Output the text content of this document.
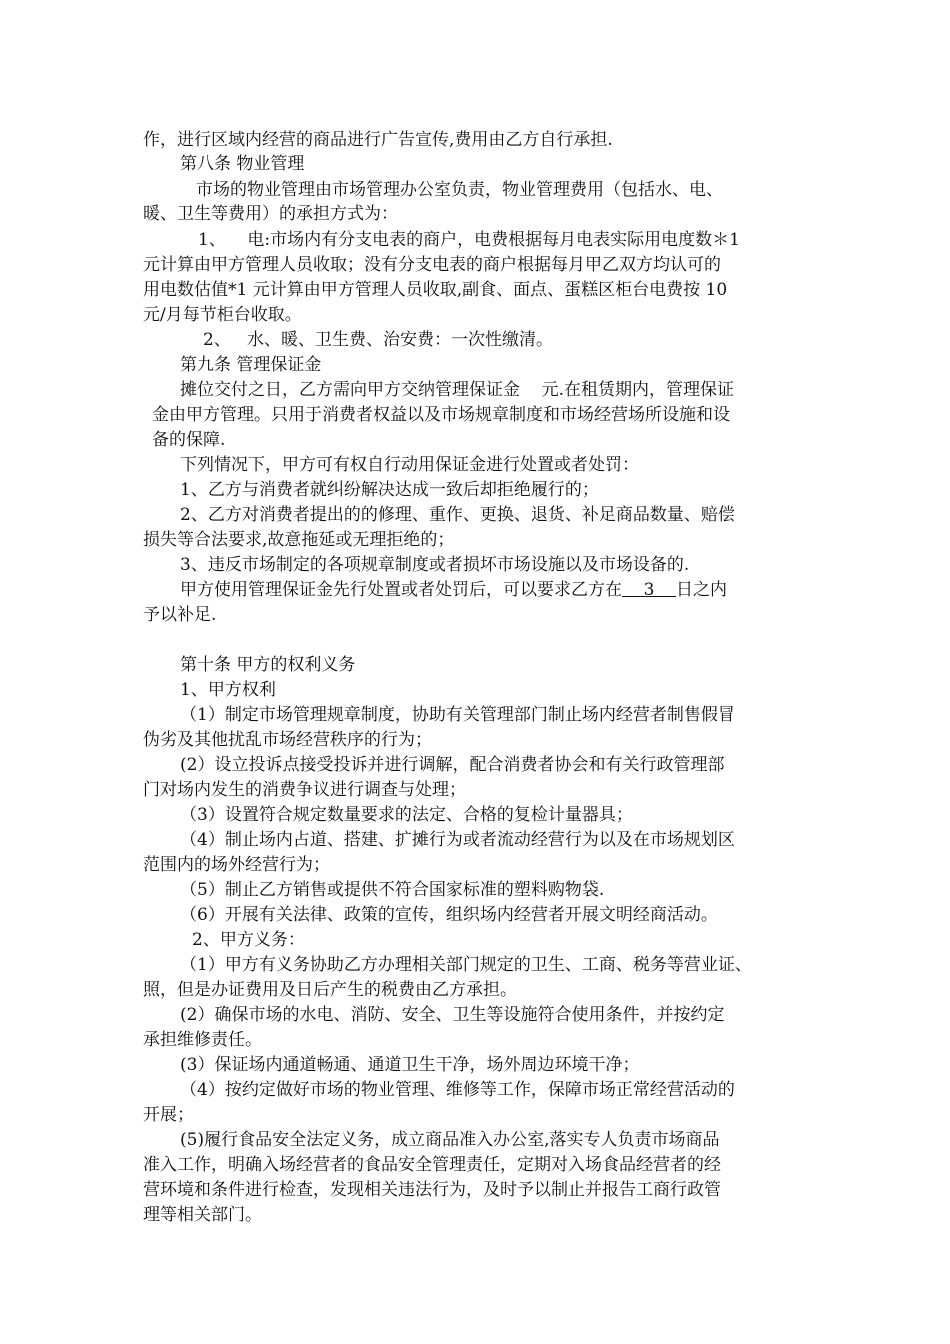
作，进行区域内经营的商品进行广告宣传,费用由乙方自行承担.
第八条 物业管理
市场的物业管理由市场管理办公室负责，物业管理费用（包括水、电、
暖、卫生等费用）的承担方式为：
1、    电:市场内有分支电表的商户，电费根据每月电表实际用电度数＊1
元计算由甲方管理人员收取；没有分支电表的商户根据每月甲乙双方均认可的
用电数估值*1 元计算由甲方管理人员收取,副食、面点、蛋糕区柜台电费按 10
元/月每节柜台收取。
2、   水、暖、卫生费、治安费：一次性缴清。
第九条 管理保证金
摊位交付之日，乙方需向甲方交纳管理保证金    元.在租赁期内，管理保证
金由甲方管理。只用于消费者权益以及市场规章制度和市场经营场所设施和设
备的保障.
下列情况下，甲方可有权自行动用保证金进行处置或者处罚：
1、乙方与消费者就纠纷解决达成一致后却拒绝履行的；
2、乙方对消费者提出的的修理、重作、更换、退货、补足商品数量、赔偿
损失等合法要求,故意拖延或无理拒绝的；
3、违反市场制定的各项规章制度或者损坏市场设施以及市场设备的.
甲方使用管理保证金先行处置或者处罚后，可以要求乙方在    3    日之内
予以补足.
第十条 甲方的权利义务
1、甲方权利
（1）制定市场管理规章制度，协助有关管理部门制止场内经营者制售假冒
伪劣及其他扰乱市场经营秩序的行为；
(2）设立投诉点接受投诉并进行调解，配合消费者协会和有关行政管理部
门对场内发生的消费争议进行调查与处理；
（3）设置符合规定数量要求的法定、合格的复检计量器具；
（4）制止场内占道、搭建、扩摊行为或者流动经营行为以及在市场规划区
范围内的场外经营行为；
（5）制止乙方销售或提供不符合国家标准的塑料购物袋.
（6）开展有关法律、政策的宣传，组织场内经营者开展文明经商活动。
2、甲方义务：
（1）甲方有义务协助乙方办理相关部门规定的卫生、工商、税务等营业证、
照，但是办证费用及日后产生的税费由乙方承担。
(2）确保市场的水电、消防、安全、卫生等设施符合使用条件，并按约定
承担维修责任。
(3）保证场内通道畅通、通道卫生干净，场外周边环境干净；
（4）按约定做好市场的物业管理、维修等工作，保障市场正常经营活动的
开展；
(5)履行食品安全法定义务，成立商品准入办公室,落实专人负责市场商品
准入工作，明确入场经营者的食品安全管理责任，定期对入场食品经营者的经
营环境和条件进行检查，发现相关违法行为，及时予以制止并报告工商行政管
理等相关部门。
